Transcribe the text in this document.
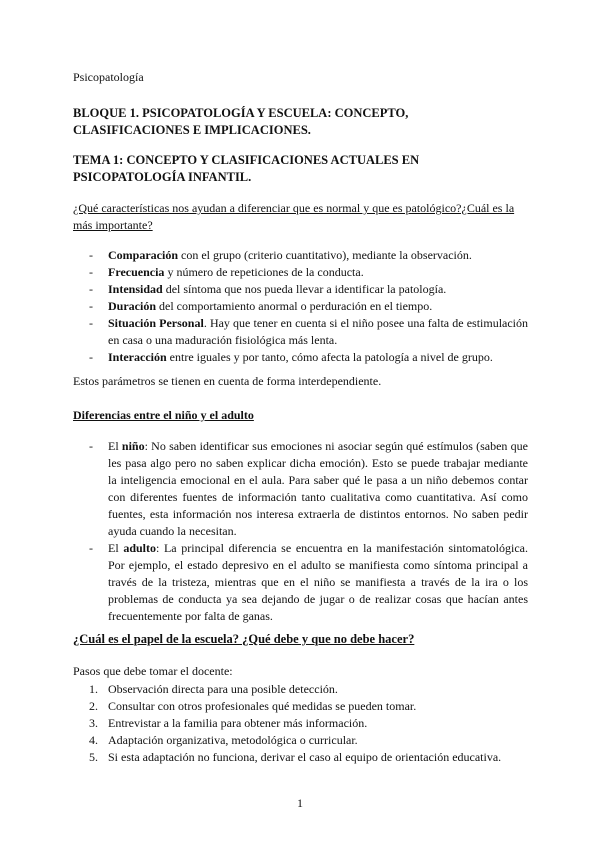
Psicopatología
BLOQUE 1. PSICOPATOLOGÍA Y ESCUELA: CONCEPTO, CLASIFICACIONES E IMPLICACIONES.
TEMA 1: CONCEPTO Y CLASIFICACIONES ACTUALES EN PSICOPATOLOGÍA INFANTIL.
¿Qué características nos ayudan a diferenciar que es normal y que es patológico?¿Cuál es la más importante?
- Comparación con el grupo (criterio cuantitativo), mediante la observación.
- Frecuencia y número de repeticiones de la conducta.
- Intensidad del síntoma que nos pueda llevar a identificar la patología.
- Duración del comportamiento anormal o perduración en el tiempo.
- Situación Personal. Hay que tener en cuenta si el niño posee una falta de estimulación en casa o una maduración fisiológica más lenta.
- Interacción entre iguales y por tanto, cómo afecta la patología a nivel de grupo.
Estos parámetros se tienen en cuenta de forma interdependiente.
Diferencias entre el niño y el adulto
- El niño: No saben identificar sus emociones ni asociar según qué estímulos (saben que les pasa algo pero no saben explicar dicha emoción). Esto se puede trabajar mediante la inteligencia emocional en el aula. Para saber qué le pasa a un niño debemos contar con diferentes fuentes de información tanto cualitativa como cuantitativa. Así como fuentes, esta información nos interesa extraerla de distintos entornos. No saben pedir ayuda cuando la necesitan.
- El adulto: La principal diferencia se encuentra en la manifestación sintomatológica. Por ejemplo, el estado depresivo en el adulto se manifiesta como síntoma principal a través de la tristeza, mientras que en el niño se manifiesta a través de la ira o los problemas de conducta ya sea dejando de jugar o de realizar cosas que hacían antes frecuentemente por falta de ganas.
¿Cuál es el papel de la escuela? ¿Qué debe y que no debe hacer?
Pasos que debe tomar el docente:
1. Observación directa para una posible detección.
2. Consultar con otros profesionales qué medidas se pueden tomar.
3. Entrevistar a la familia para obtener más información.
4. Adaptación organizativa, metodológica o curricular.
5. Si esta adaptación no funciona, derivar el caso al equipo de orientación educativa.
1
